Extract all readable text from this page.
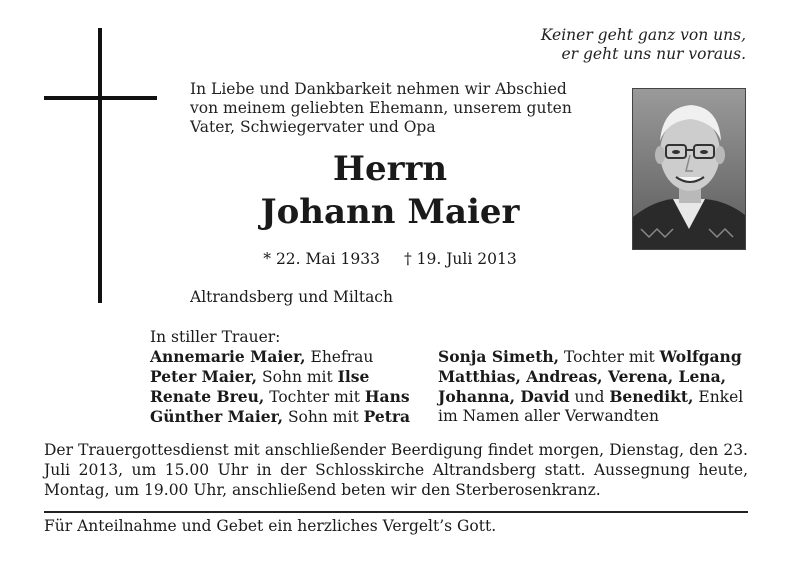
Keiner geht ganz von uns,
er geht uns nur voraus.
In Liebe und Dankbarkeit nehmen wir Abschied
von meinem geliebten Ehemann, unserem guten
Vater, Schwiegervater und Opa
Herrn
Johann Maier
* 22. Mai 1933 † 19. Juli 2013
Altrandsberg und Miltach
In stiller Trauer:
Annemarie Maier, Ehefrau
Peter Maier, Sohn mit Ilse
Renate Breu, Tochter mit Hans
Günther Maier, Sohn mit Petra
Sonja Simeth, Tochter mit Wolfgang
Matthias, Andreas, Verena, Lena,
Johanna, David und Benedikt, Enkel
im Namen aller Verwandten
Der Trauergottesdienst mit anschließender Beerdigung findet morgen, Dienstag, den 23. Juli 2013, um 15.00 Uhr in der Schlosskirche Altrandsberg statt. Aussegnung heute, Montag, um 19.00 Uhr, anschließend beten wir den Sterberosenkranz.
Für Anteilnahme und Gebet ein herzliches Vergelt’s Gott.
